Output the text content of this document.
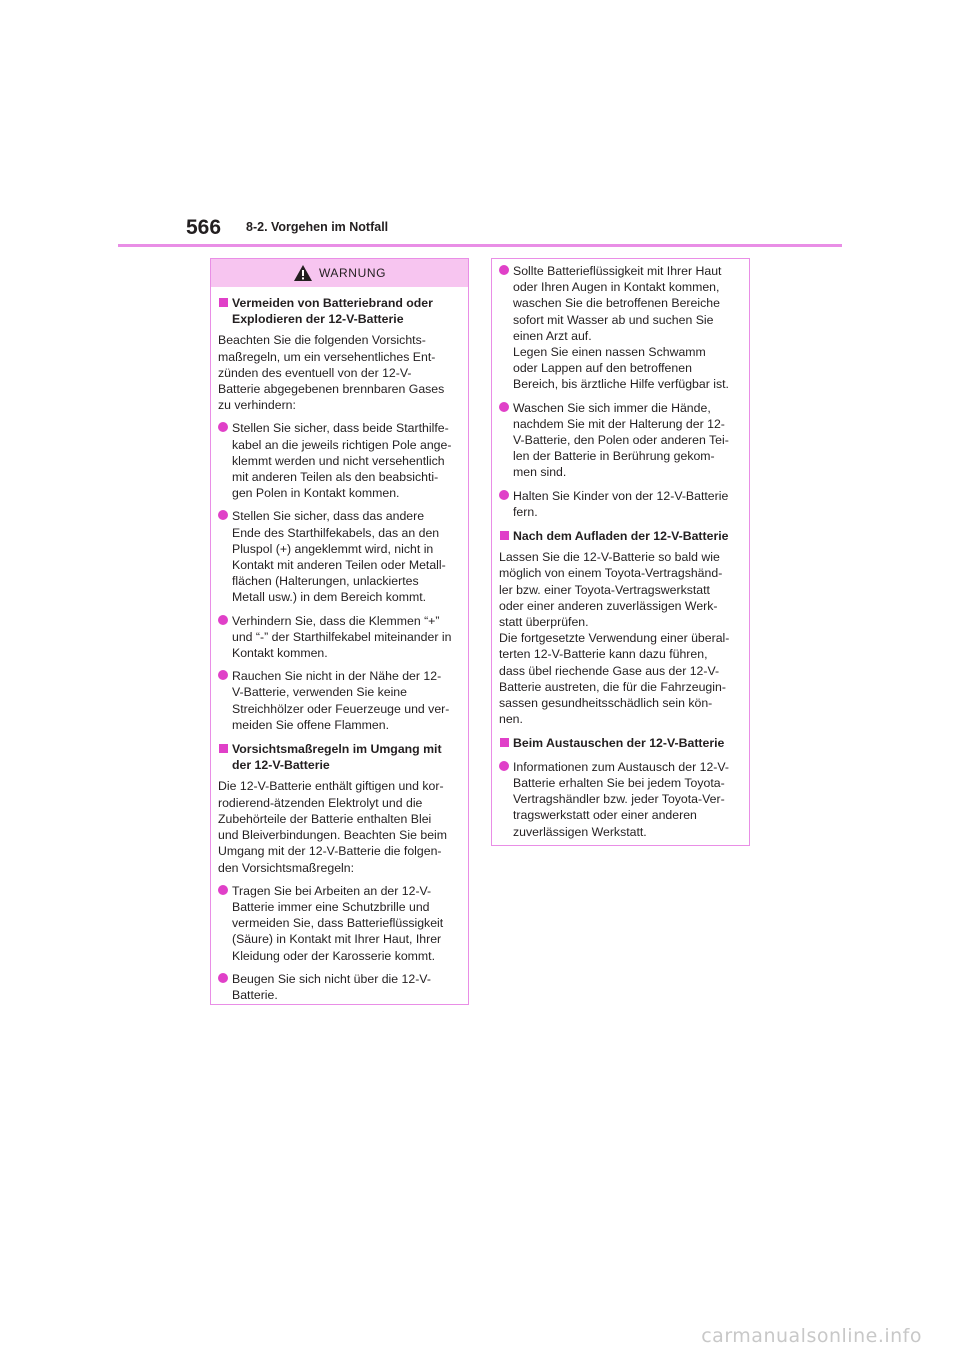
566 8-2. Vorgehen im Notfall
WARNUNG
Vermeiden von Batteriebrand oder
Explodieren der 12-V-Batterie
Beachten Sie die folgenden Vorsichts-
maßregeln, um ein versehentliches Ent-
zünden des eventuell von der 12-V-
Batterie abgegebenen brennbaren Gases
zu verhindern:
Stellen Sie sicher, dass beide Starthilfe-
kabel an die jeweils richtigen Pole ange-
klemmt werden und nicht versehentlich
mit anderen Teilen als den beabsichti-
gen Polen in Kontakt kommen.
Stellen Sie sicher, dass das andere
Ende des Starthilfekabels, das an den
Pluspol (+) angeklemmt wird, nicht in
Kontakt mit anderen Teilen oder Metall-
flächen (Halterungen, unlackiertes
Metall usw.) in dem Bereich kommt.
Verhindern Sie, dass die Klemmen “+”
und “-” der Starthilfekabel miteinander in
Kontakt kommen.
Rauchen Sie nicht in der Nähe der 12-
V-Batterie, verwenden Sie keine
Streichhölzer oder Feuerzeuge und ver-
meiden Sie offene Flammen.
Vorsichtsmaßregeln im Umgang mit
der 12-V-Batterie
Die 12-V-Batterie enthält giftigen und kor-
rodierend-ätzenden Elektrolyt und die
Zubehörteile der Batterie enthalten Blei
und Bleiverbindungen. Beachten Sie beim
Umgang mit der 12-V-Batterie die folgen-
den Vorsichtsmaßregeln:
Tragen Sie bei Arbeiten an der 12-V-
Batterie immer eine Schutzbrille und
vermeiden Sie, dass Batterieflüssigkeit
(Säure) in Kontakt mit Ihrer Haut, Ihrer
Kleidung oder der Karosserie kommt.
Beugen Sie sich nicht über die 12-V-
Batterie.
Sollte Batterieflüssigkeit mit Ihrer Haut
oder Ihren Augen in Kontakt kommen,
waschen Sie die betroffenen Bereiche
sofort mit Wasser ab und suchen Sie
einen Arzt auf.
Legen Sie einen nassen Schwamm
oder Lappen auf den betroffenen
Bereich, bis ärztliche Hilfe verfügbar ist.
Waschen Sie sich immer die Hände,
nachdem Sie mit der Halterung der 12-
V-Batterie, den Polen oder anderen Tei-
len der Batterie in Berührung gekom-
men sind.
Halten Sie Kinder von der 12-V-Batterie
fern.
Nach dem Aufladen der 12-V-Batterie
Lassen Sie die 12-V-Batterie so bald wie
möglich von einem Toyota-Vertragshänd-
ler bzw. einer Toyota-Vertragswerkstatt
oder einer anderen zuverlässigen Werk-
statt überprüfen.
Die fortgesetzte Verwendung einer überal-
terten 12-V-Batterie kann dazu führen,
dass übel riechende Gase aus der 12-V-
Batterie austreten, die für die Fahrzeugin-
sassen gesundheitsschädlich sein kön-
nen.
Beim Austauschen der 12-V-Batterie
Informationen zum Austausch der 12-V-
Batterie erhalten Sie bei jedem Toyota-
Vertragshändler bzw. jeder Toyota-Ver-
tragswerkstatt oder einer anderen
zuverlässigen Werkstatt.
carmanualsonline.info
